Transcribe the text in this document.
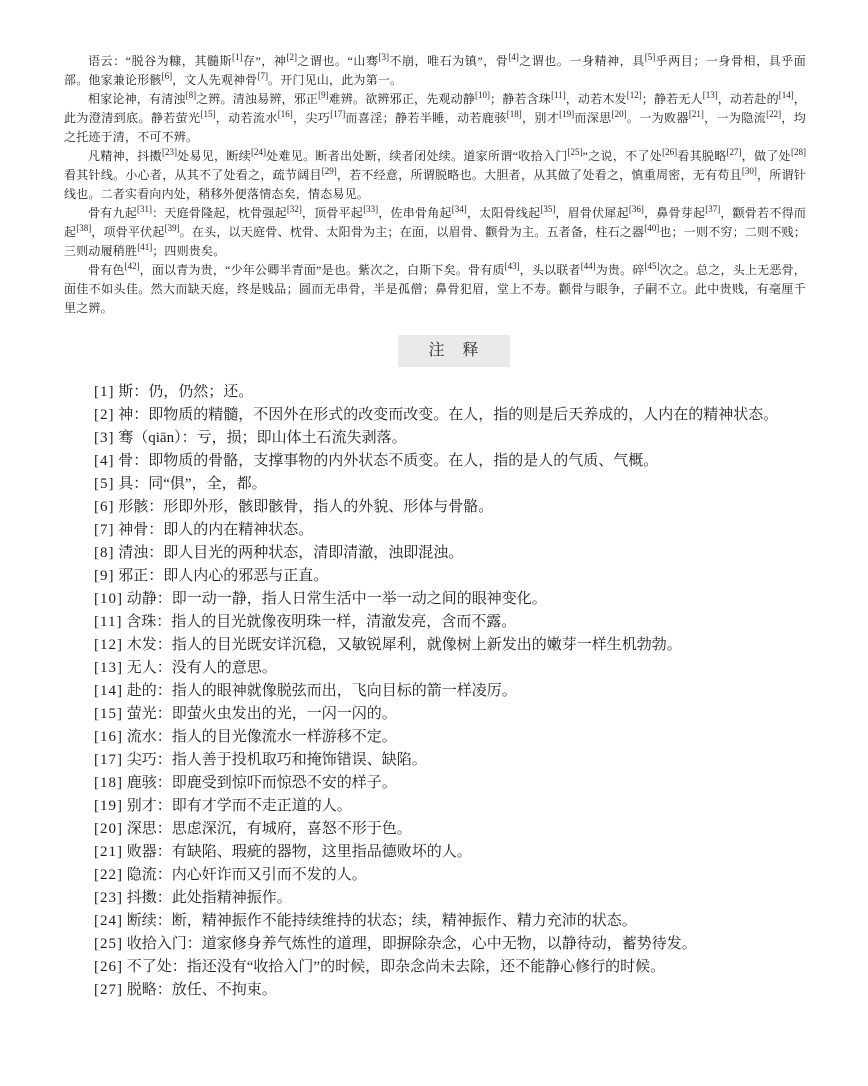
语云：“脱谷为糠，其髓斯[1]存”，神[2]之谓也。“山骞[3]不崩，唯石为镇”，骨[4]之谓也。一身精神，具[5]乎两目；一身骨相，具乎面部。他家兼论形骸[6]，文人先观神骨[7]。开门见山，此为第一。

相家论神，有清浊[8]之辨。清浊易辨，邪正[9]难辨。欲辨邪正，先观动静[10]；静若含珠[11]，动若木发[12]；静若无人[13]，动若赴的[14]，此为澄清到底。静若萤光[15]，动若流水[16]，尖巧[17]而喜淫；静若半睡，动若鹿骇[18]，别才[19]而深思[20]。一为败器[21]，一为隐流[22]，均之托迹于清，不可不辨。

凡精神，抖擞[23]处易见，断续[24]处难见。断者出处断，续者闭处续。道家所谓“收拾入门[25]”之说，不了处[26]看其脱略[27]，做了处[28]看其针线。小心者，从其不了处看之，疏节阔目[29]，若不经意，所谓脱略也。大胆者，从其做了处看之，慎重周密，无有苟且[30]，所谓针线也。二者实看向内处，稍移外便落情态矣，情态易见。

骨有九起[31]：天庭骨隆起，枕骨强起[32]，顶骨平起[33]，佐串骨角起[34]，太阳骨线起[35]，眉骨伏犀起[36]，鼻骨芽起[37]，颧骨若不得而起[38]，项骨平伏起[39]。在头，以天庭骨、枕骨、太阳骨为主；在面，以眉骨、颧骨为主。五者备，柱石之器[40]也；一则不穷；二则不贱；三则动履稍胜[41]；四则贵矣。

骨有色[42]，面以青为贵，“少年公卿半青面”是也。紫次之，白斯下矣。骨有质[43]，头以联者[44]为贵。碎[45]次之。总之，头上无恶骨，面佳不如头佳。然大而缺天庭，终是贱品；圆而无串骨，半是孤僧；鼻骨犯眉，堂上不寿。颧骨与眼争，子嗣不立。此中贵贱，有毫厘千里之辨。

注　释

[1] 斯：仍，仍然；还。

[2] 神：即物质的精髓，不因外在形式的改变而改变。在人，指的则是后天养成的，人内在的精神状态。

[3] 骞（qiān）：亏，损；即山体土石流失剥落。

[4] 骨：即物质的骨骼，支撑事物的内外状态不质变。在人，指的是人的气质、气概。

[5] 具：同“俱”，全，都。

[6] 形骸：形即外形，骸即骸骨，指人的外貌、形体与骨骼。

[7] 神骨：即人的内在精神状态。

[8] 清浊：即人目光的两种状态，清即清澈，浊即混浊。

[9] 邪正：即人内心的邪恶与正直。

[10] 动静：即一动一静，指人日常生活中一举一动之间的眼神变化。

[11] 含珠：指人的目光就像夜明珠一样，清澈发亮，含而不露。

[12] 木发：指人的目光既安详沉稳，又敏锐犀利，就像树上新发出的嫩芽一样生机勃勃。

[13] 无人：没有人的意思。

[14] 赴的：指人的眼神就像脱弦而出，飞向目标的箭一样凌厉。

[15] 萤光：即萤火虫发出的光，一闪一闪的。

[16] 流水：指人的目光像流水一样游移不定。

[17] 尖巧：指人善于投机取巧和掩饰错误、缺陷。

[18] 鹿骇：即鹿受到惊吓而惊恐不安的样子。

[19] 别才：即有才学而不走正道的人。

[20] 深思：思虑深沉，有城府，喜怒不形于色。

[21] 败器：有缺陷、瑕疵的器物，这里指品德败坏的人。

[22] 隐流：内心奸诈而又引而不发的人。

[23] 抖擞：此处指精神振作。

[24] 断续：断，精神振作不能持续维持的状态；续，精神振作、精力充沛的状态。

[25] 收拾入门：道家修身养气炼性的道理，即摒除杂念，心中无物，以静待动，蓄势待发。

[26] 不了处：指还没有“收拾入门”的时候，即杂念尚未去除，还不能静心修行的时候。

[27] 脱略：放任、不拘束。
